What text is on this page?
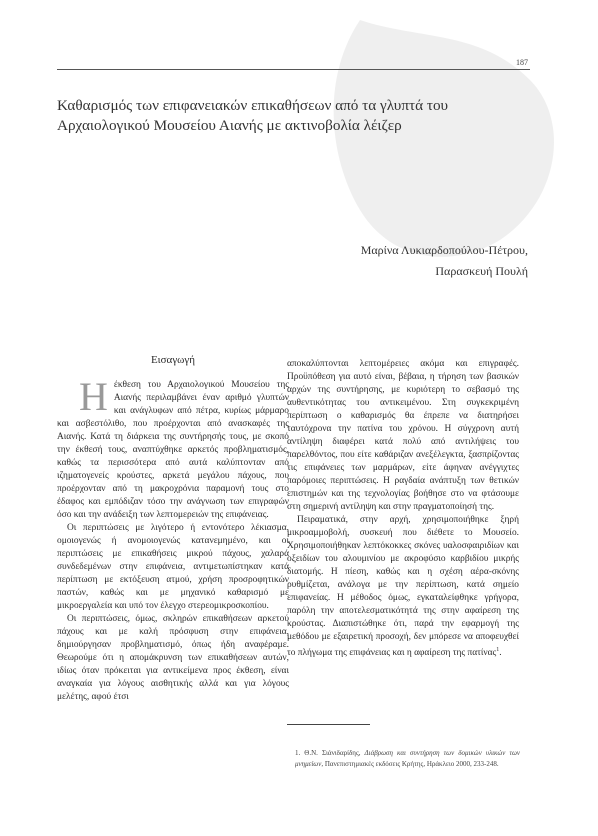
187
Καθαρισμός των επιφανειακών επικαθήσεων από τα γλυπτά του Αρχαιολογικού Μουσείου Αιανής με ακτινοβολία λέιζερ
Μαρίνα Λυκιαρδοπούλου-Πέτρου,
Παρασκευή Πουλή
Εισαγωγή

Ηέκθεση του Αρχαιολογικού Μουσείου της Αιανής περιλαμβάνει έναν αριθμό γλυπτών και ανάγλυφων από πέτρα, κυρίως μάρμαρο και ασβεστόλιθο, που προέρχονται από ανασκαφές της Αιανής. Κατά τη διάρκεια της συντήρησής τους, με σκοπό την έκθεσή τους, αναπτύχθηκε αρκετός προβληματισμός, καθώς τα περισσότερα από αυτά καλύπτονταν από ιζηματογενείς κρούστες, αρκετά μεγάλου πάχους, που προέρχονταν από τη μακροχρόνια παραμονή τους στο έδαφος και εμπόδιζαν τόσο την ανάγνωση των επιγραφών όσο και την ανάδειξη των λεπτομερειών της επιφάνειας.

Οι περιπτώσεις με λιγότερο ή εντονότερο λέκιασμα, ομοιογενώς ή ανομοιογενώς κατανεμημένο, και οι περιπτώσεις με επικαθήσεις μικρού πάχους, χαλαρά συνδεδεμένων στην επιφάνεια, αντιμετωπίστηκαν κατά περίπτωση με εκτόξευση ατμού, χρήση προσροφητικών παστών, καθώς και με μηχανικό καθαρισμό με μικροεργαλεία και υπό τον έλεγχο στερεομικροσκοπίου.

Οι περιπτώσεις, όμως, σκληρών επικαθήσεων αρκετού πάχους και με καλή πρόσφυση στην επιφάνεια, δημιούργησαν προβληματισμό, όπως ήδη αναφέραμε. Θεωρούμε ότι η απομάκρυνση των επικαθήσεων αυτών, ιδίως όταν πρόκειται για αντικείμενα προς έκθεση, είναι αναγκαία για λόγους αισθητικής αλλά και για λόγους μελέτης, αφού έτσι

αποκαλύπτονται λεπτομέρειες ακόμα και επιγραφές. Προϋπόθεση για αυτό είναι, βέβαια, η τήρηση των βασικών αρχών της συντήρησης, με κυριότερη το σεβασμό της αυθεντικότητας του αντικειμένου. Στη συγκεκριμένη περίπτωση ο καθαρισμός θα έπρεπε να διατηρήσει ταυτόχρονα την πατίνα του χρόνου. Η σύγχρονη αυτή αντίληψη διαφέρει κατά πολύ από αντιλήψεις του παρελθόντος, που είτε καθάριζαν ανεξέλεγκτα, ξασπρίζοντας τις επιφάνειες των μαρμάρων, είτε άφηναν ανέγγιχτες παρόμοιες περιπτώσεις. Η ραγδαία ανάπτυξη των θετικών επιστημών και της τεχνολογίας βοήθησε στο να φτάσουμε στη σημερινή αντίληψη και στην πραγματοποίησή της.

Πειραματικά, στην αρχή, χρησιμοποιήθηκε ξηρή μικροαμμοβολή, συσκευή που διέθετε το Μουσείο. Χρησιμοποιήθηκαν λεπτόκοκκες σκόνες υαλοσφαιριδίων και οξειδίων του αλουμινίου με ακροφύσιο καρβιδίου μικρής διατομής. Η πίεση, καθώς και η σχέση αέρα-σκόνης ρυθμίζεται, ανάλογα με την περίπτωση, κατά σημείο επιφανείας. Η μέθοδος όμως, εγκαταλείφθηκε γρήγορα, παρόλη την αποτελεσματικότητά της στην αφαίρεση της κρούστας. Διαπιστώθηκε ότι, παρά την εφαρμογή της μεθόδου με εξαιρετική προσοχή, δεν μπόρεσε να αποφευχθεί το πλήγωμα της επιφάνειας και η αφαίρεση της πατίνας$^1$.

1. Θ.Ν. Σιάνιδαρίδης, Διάβρωση και συντήρηση των δομικών υλικών των μνημείων, Πανεπιστημιακές εκδόσεις Κρήτης, Ηράκλειο 2000, 233-248.
